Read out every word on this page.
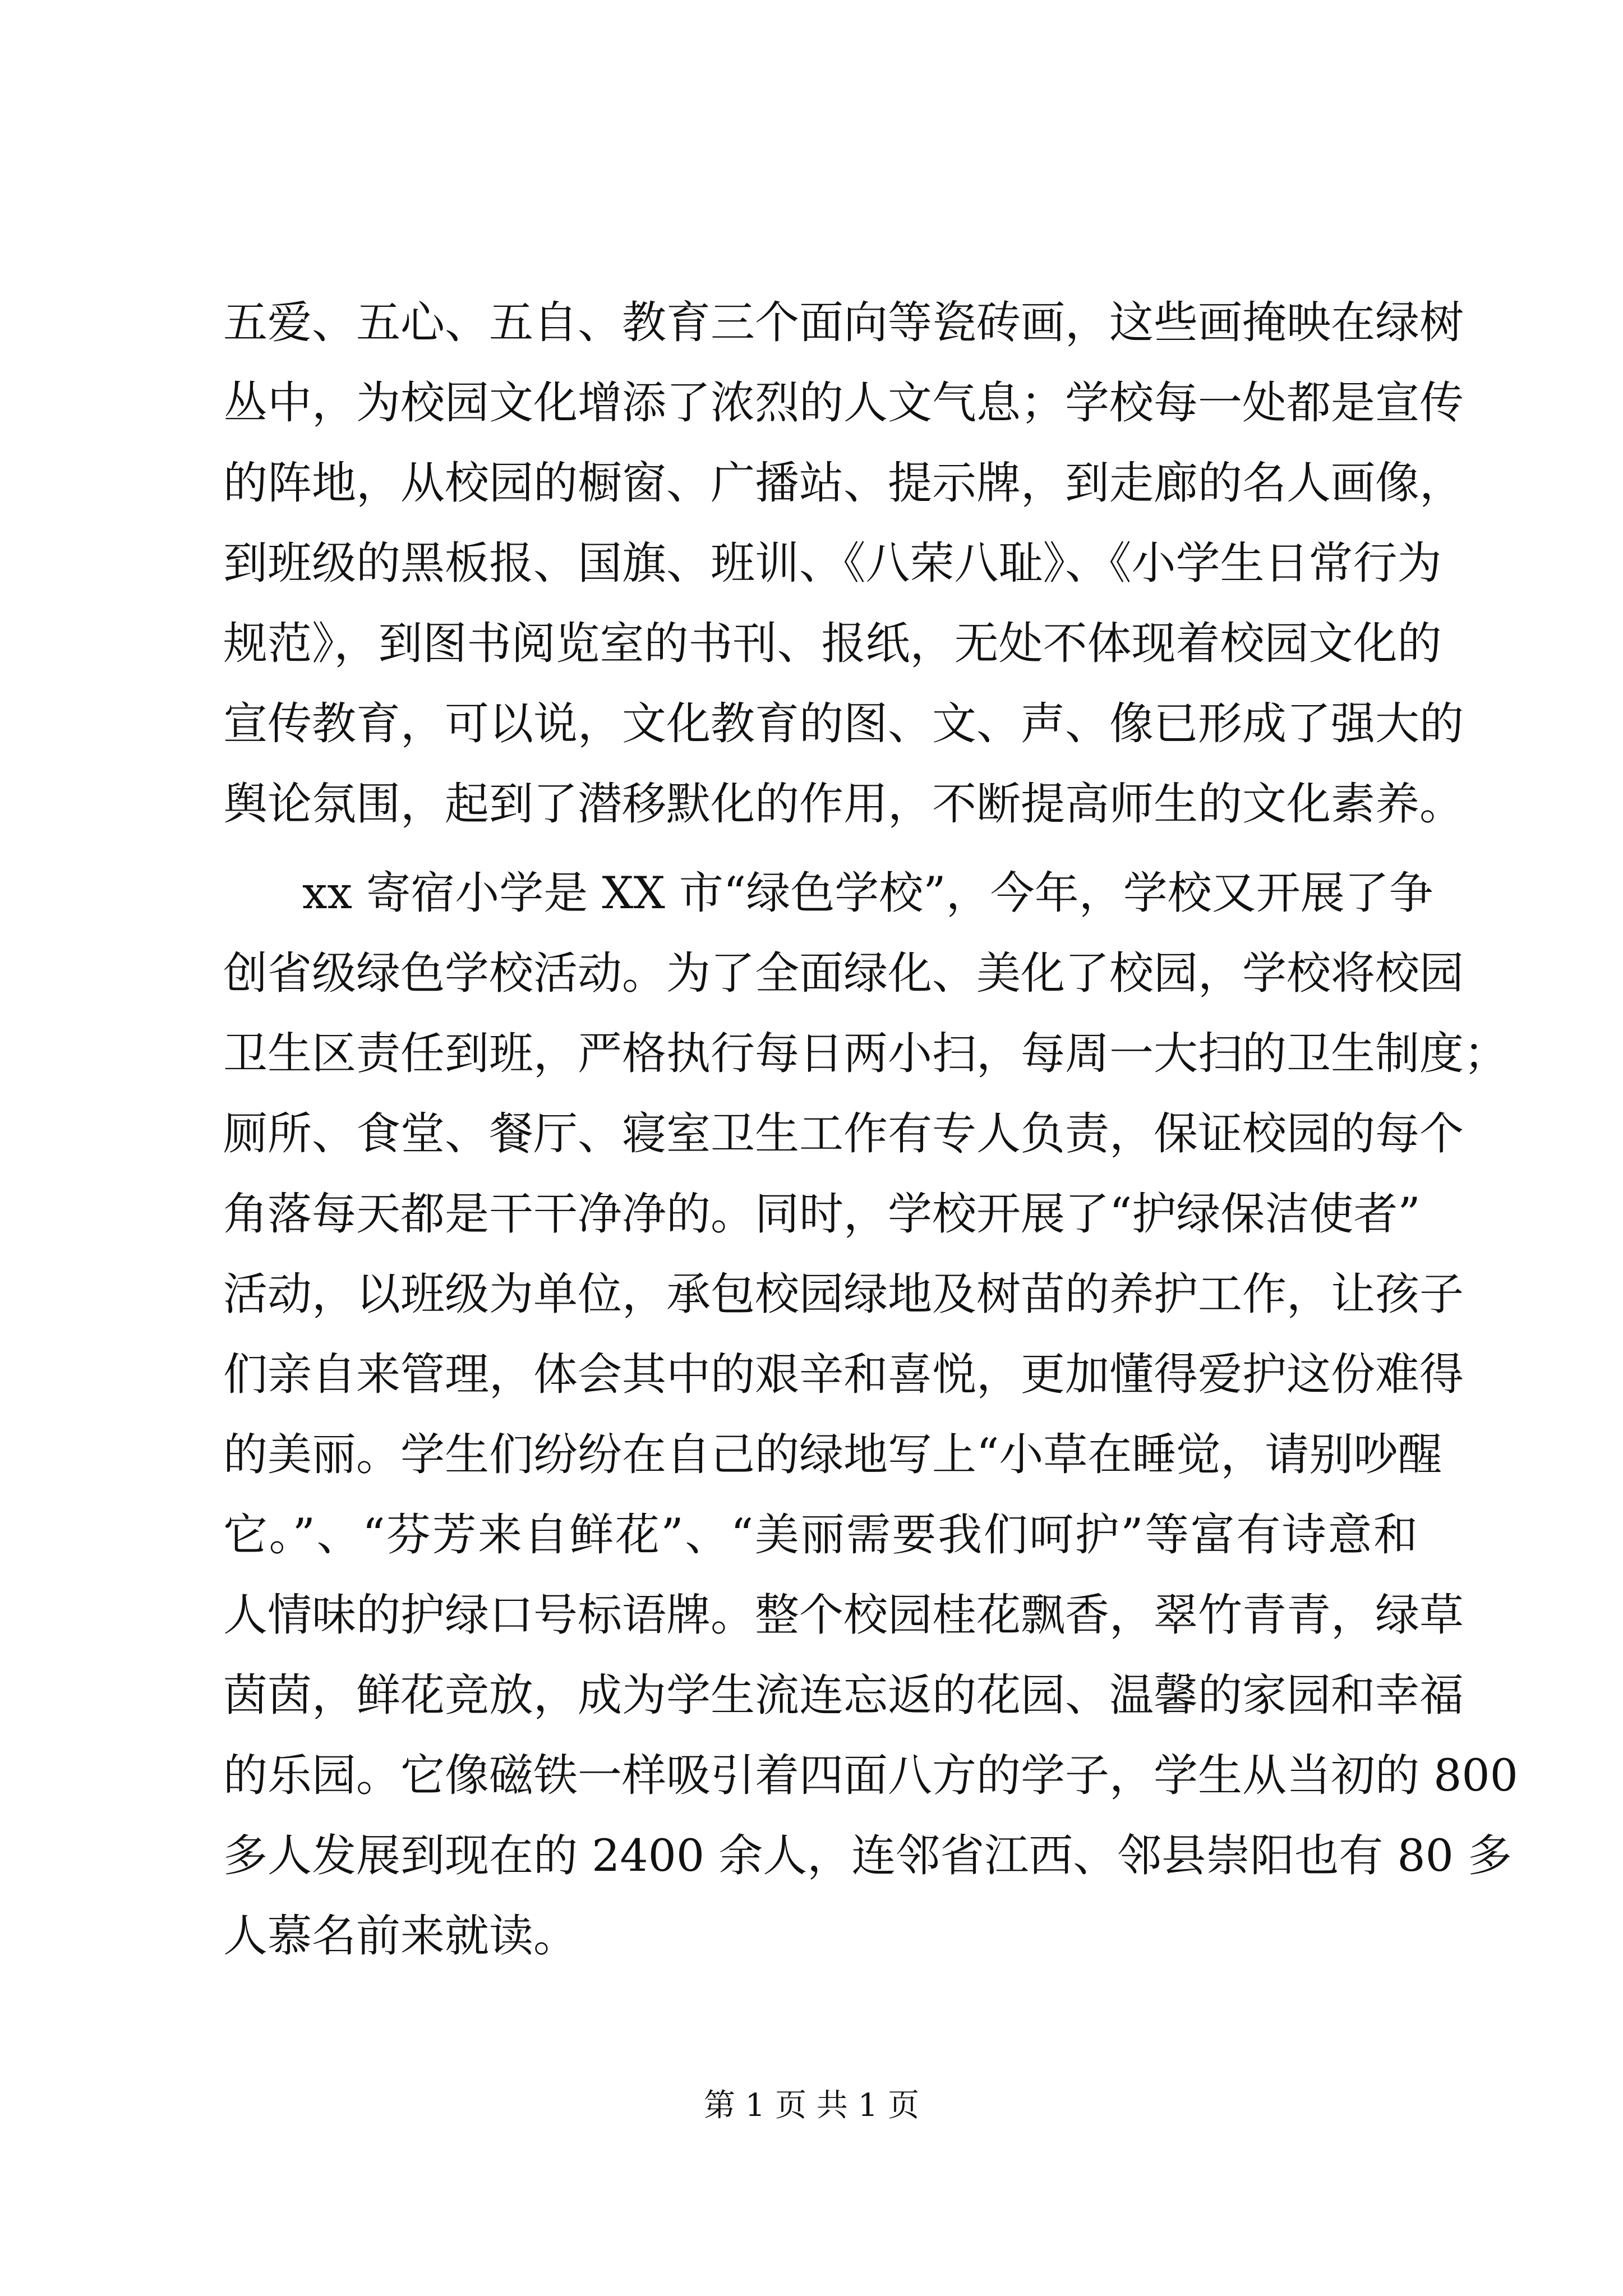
五爱、五心、五自、教育三个面向等瓷砖画，这些画掩映在绿树
丛中，为校园文化增添了浓烈的人文气息；学校每一处都是宣传
的阵地，从校园的橱窗、广播站、提示牌，到走廊的名人画像，
到班级的黑板报、国旗、班训、《八荣八耻》、《小学生日常行为
规范》，到图书阅览室的书刊、报纸，无处不体现着校园文化的
宣传教育，可以说，文化教育的图、文、声、像已形成了强大的
舆论氛围，起到了潜移默化的作用，不断提高师生的文化素养。
xx 寄宿小学是 XX 市“绿色学校”，今年，学校又开展了争
创省级绿色学校活动。为了全面绿化、美化了校园，学校将校园
卫生区责任到班，严格执行每日两小扫，每周一大扫的卫生制度；
厕所、食堂、餐厅、寝室卫生工作有专人负责，保证校园的每个
角落每天都是干干净净的。同时，学校开展了“护绿保洁使者”
活动，以班级为单位，承包校园绿地及树苗的养护工作，让孩子
们亲自来管理，体会其中的艰辛和喜悦，更加懂得爱护这份难得
的美丽。学生们纷纷在自己的绿地写上“小草在睡觉，请别吵醒
它。”、“芬芳来自鲜花”、“美丽需要我们呵护”等富有诗意和
人情味的护绿口号标语牌。整个校园桂花飘香，翠竹青青，绿草
茵茵，鲜花竞放，成为学生流连忘返的花园、温馨的家园和幸福
的乐园。它像磁铁一样吸引着四面八方的学子，学生从当初的 800
多人发展到现在的 2400 余人，连邻省江西、邻县崇阳也有 80 多
人慕名前来就读。
第 1 页 共 1 页
